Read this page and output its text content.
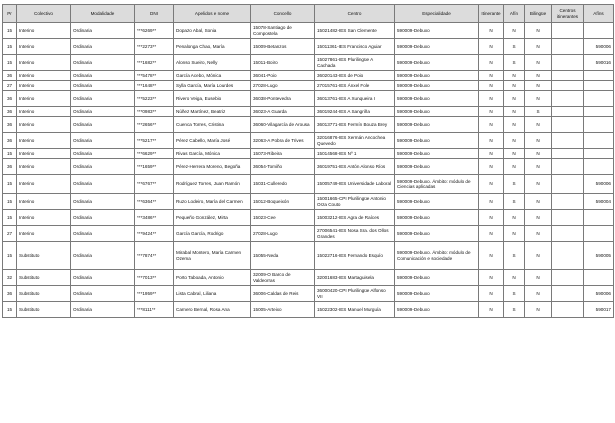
Pr	Colectivo	Modalidade	DNI	Apelidos e nome	Concello	Centro	Especialidade	Itinerante	Afín	Bilingüe	Centros itinerantes	Afíns
15	Interino	Ordinaria	***6269**	Dopazo Abal, Sonia	15078-Santiago de Compostela	15021482-IES San Clemente	590009-Debuxo	N	N	N		
15	Interino	Ordinaria	***2273**	Penalonga Chao, María	15009-Betanzos	15011361-IES Francisco Aguiar	590009-Debuxo	N	S	N		590006
15	Interino	Ordinaria	***1682**	Alonso Sueiro, Nelly	15011-Boiro	15027861-IES Plurilingüe A Cachada	590009-Debuxo	N	S	N		590016
36	Interino	Ordinaria	***5478**	García Acebo, Mónica	36041-Poio	36020143-IES de Poio	590009-Debuxo	N	N	N		
27	Interino	Ordinaria	***1648**	Sylla García, María Lourdes	27028-Lugo	27015761-IES Ánxel Fole	590009-Debuxo	N	N	N		
36	Interino	Ordinaria	***5223**	Rivero Veiga, Eusebio	36038-Pontevedra	36013761-IES A Xunqueira I	590009-Debuxo	N	N	N		
36	Interino	Ordinaria	***0983**	Núñez Martínez, Beatriz	36023-A Guarda	36019244-IES A Sangriña	590009-Debuxo	N	N	S		
36	Interino	Ordinaria	***2656**	Cuenca Torres, Cristina	36060-Vilagarcía de Arousa	36013771-IES Fermín Bouza Brey	590009-Debuxo	N	N	N		
36	Interino	Ordinaria	***5217**	Pérez Cabello, María José	32063-A Pobra de Trives	32016876-IES Xermán Ancochea Quevedo	590009-Debuxo	N	N	N		
15	Interino	Ordinaria	***6629**	Rivas García, Mónica	15073-Ribeira	15014568-IES Nº 1	590009-Debuxo	N	N	N		
36	Interino	Ordinaria	***1659**	Pérez-Herrera Moreno, Begoña	36054-Tomiño	36019751-IES Antón Alonso Ríos	590009-Debuxo	N	N	N		
15	Interino	Ordinaria	***6767**	Rodríguez Torres, Juan Ramón	15031-Culleredo	15005749-IES Universidade Laboral	590009-Debuxo. Ámbito: módulo de Ciencias aplicadas	N	S	N		590006
15	Interino	Ordinaria	***6364**	Ruzo Lodeiro, María del Carmen	15012-Boqueixón	15001665-CPI Plurilingüe Antonio Orza Couto	590009-Debuxo	N	S	N		590004
15	Interino	Ordinaria	***3486**	Pequeño González, Mirta	15023-Cee	15003212-IES Agra de Raíces	590009-Debuxo	N	N	N		
27	Interino	Ordinaria	***9424**	García García, Rodrigo	27028-Lugo	27006541-IES Nosa Sra. dos Ollos Grandes	590009-Debuxo	N	N	N		
15	Substituto	Ordinaria	***7874**	Mirabal Montero, María Carmen Ozema	15055-Neda	15022716-IES Fernando Esquío	590009-Debuxo. Ámbito: módulo de Comunicación e sociedade	N	S	N		590005
32	Substituto	Ordinaria	***7013**	Porto Taboada, Antonio	32009-O Barco de Valdeorras	32001683-IES Martaguisela	590009-Debuxo	N	N	N		
36	Substituto	Ordinaria	***1959**	Lista Cabral, Liliana	36006-Caldas de Reis	36000420-CPI Plurilingüe Alfonso VII	590009-Debuxo	N	S	N		590006
15	Substituto	Ordinaria	***8111**	Carnero Bernal, Rosa Ana	15005-Arteixo	15022302-IES Manuel Murguía	590009-Debuxo	N	S	N		590017
